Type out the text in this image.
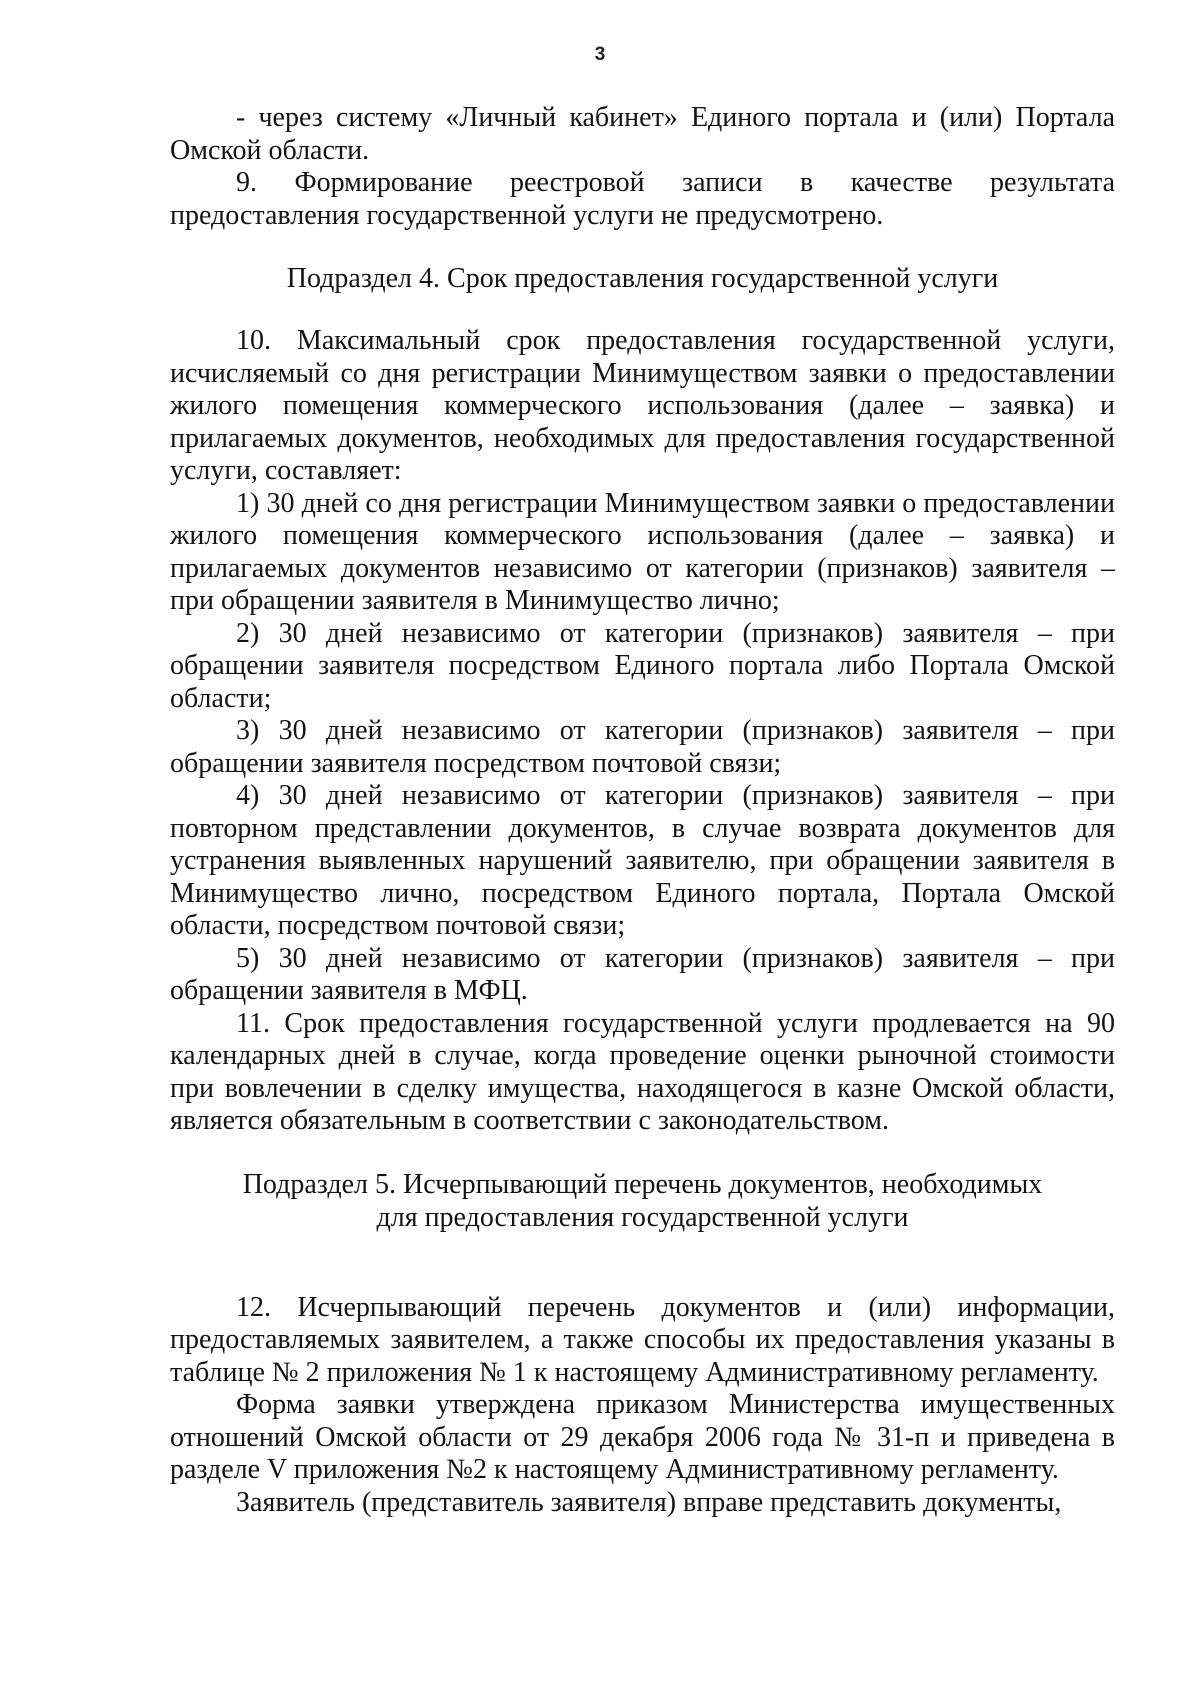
3

- через систему «Личный кабинет» Единого портала и (или) Портала Омской области.

9. Формирование реестровой записи в качестве результата предоставления государственной услуги не предусмотрено.

Подраздел 4. Срок предоставления государственной услуги

10. Максимальный срок предоставления государственной услуги, исчисляемый со дня регистрации Минимуществом заявки о предоставлении жилого помещения коммерческого использования (далее – заявка) и прилагаемых документов, необходимых для предоставления государственной услуги, составляет:

1) 30 дней со дня регистрации Минимуществом заявки о предоставлении жилого помещения коммерческого использования (далее – заявка) и прилагаемых документов независимо от категории (признаков) заявителя – при обращении заявителя в Минимущество лично;

2) 30 дней независимо от категории (признаков) заявителя – при обращении заявителя посредством Единого портала либо Портала Омской области;

3) 30 дней независимо от категории (признаков) заявителя – при обращении заявителя посредством почтовой связи;

4) 30 дней независимо от категории (признаков) заявителя – при повторном представлении документов, в случае возврата документов для устранения выявленных нарушений заявителю, при обращении заявителя в Минимущество лично, посредством Единого портала, Портала Омской области, посредством почтовой связи;

5) 30 дней независимо от категории (признаков) заявителя – при обращении заявителя в МФЦ.

11. Срок предоставления государственной услуги продлевается на 90 календарных дней в случае, когда проведение оценки рыночной стоимости при вовлечении в сделку имущества, находящегося в казне Омской области, является обязательным в соответствии с законодательством.

Подраздел 5. Исчерпывающий перечень документов, необходимых

для предоставления государственной услуги

12. Исчерпывающий перечень документов и (или) информации, предоставляемых заявителем, а также способы их предоставления указаны в таблице № 2 приложения № 1 к настоящему Административному регламенту.

Форма заявки утверждена приказом Министерства имущественных отношений Омской области от 29 декабря 2006 года № 31-п и приведена в разделе V приложения №2 к настоящему Административному регламенту.

Заявитель (представитель заявителя) вправе представить документы,
